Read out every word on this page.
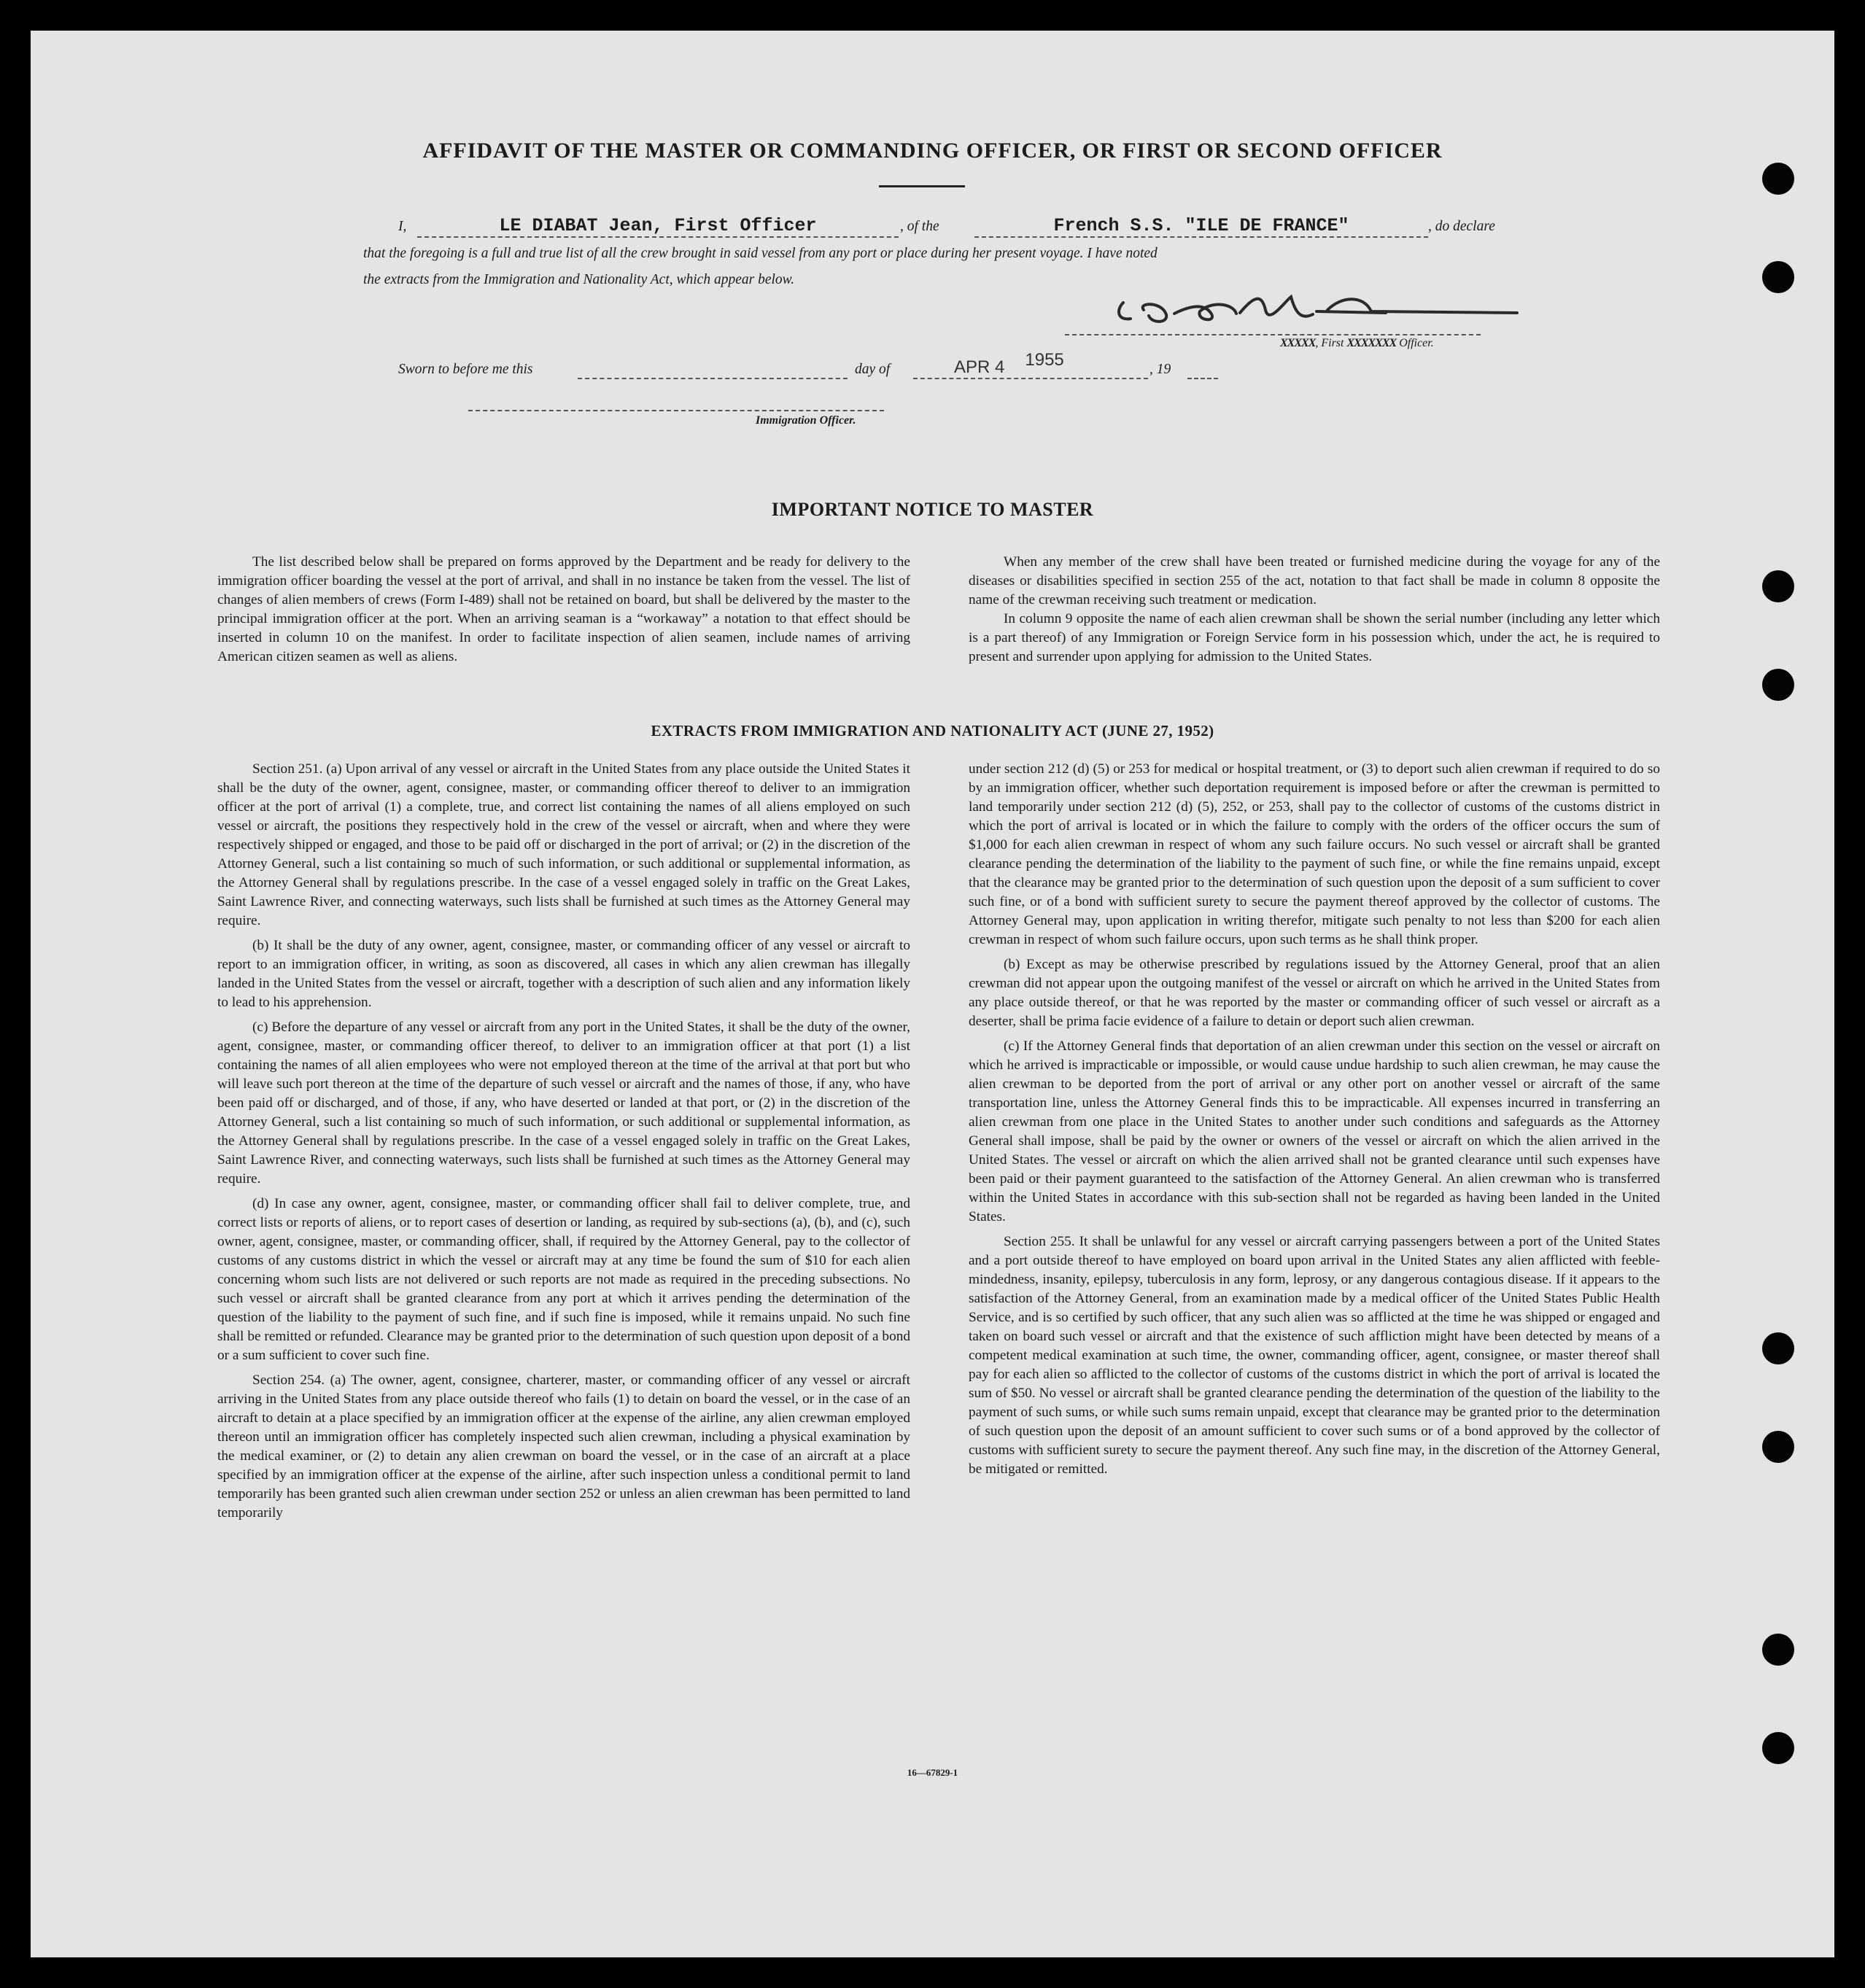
AFFIDAVIT OF THE MASTER OR COMMANDING OFFICER, OR FIRST OR SECOND OFFICER
I,	LE DIABAT Jean, First Officer	, of the	French S.S. "ILE DE FRANCE"	, do declare
that the foregoing is a full and true list of all the crew brought in said vessel from any port or place during her present voyage. I have noted
the extracts from the Immigration and Nationality Act, which appear below.
XXXXX, First XXXXXXX Officer.
Sworn to before me this	day of	APR 4 1955	, 19
Immigration Officer.
IMPORTANT NOTICE TO MASTER

The list described below shall be prepared on forms approved by the Department and be ready for delivery to the immigration officer boarding the vessel at the port of arrival, and shall in no instance be taken from the vessel. The list of changes of alien members of crews (Form I-489) shall not be retained on board, but shall be delivered by the master to the principal immigration officer at the port. When an arriving seaman is a “workaway” a notation to that effect should be inserted in column 10 on the manifest. In order to facilitate inspection of alien seamen, include names of arriving American citizen seamen as well as aliens.

When any member of the crew shall have been treated or furnished medicine during the voyage for any of the diseases or disabilities specified in section 255 of the act, notation to that fact shall be made in column 8 opposite the name of the crewman receiving such treatment or medication.

In column 9 opposite the name of each alien crewman shall be shown the serial number (including any letter which is a part thereof) of any Immigration or Foreign Service form in his possession which, under the act, he is required to present and surrender upon applying for admission to the United States.

EXTRACTS FROM IMMIGRATION AND NATIONALITY ACT (JUNE 27, 1952)

Section 251. (a) Upon arrival of any vessel or aircraft in the United States from any place outside the United States it shall be the duty of the owner, agent, consignee, master, or commanding officer thereof to deliver to an immigration officer at the port of arrival (1) a complete, true, and correct list containing the names of all aliens employed on such vessel or aircraft, the positions they respectively hold in the crew of the vessel or aircraft, when and where they were respectively shipped or engaged, and those to be paid off or discharged in the port of arrival; or (2) in the discretion of the Attorney General, such a list containing so much of such information, or such additional or supplemental information, as the Attorney General shall by regulations prescribe. In the case of a vessel engaged solely in traffic on the Great Lakes, Saint Lawrence River, and connecting waterways, such lists shall be furnished at such times as the Attorney General may require.

(b) It shall be the duty of any owner, agent, consignee, master, or commanding officer of any vessel or aircraft to report to an immigration officer, in writing, as soon as discovered, all cases in which any alien crewman has illegally landed in the United States from the vessel or aircraft, together with a description of such alien and any information likely to lead to his apprehension.

(c) Before the departure of any vessel or aircraft from any port in the United States, it shall be the duty of the owner, agent, consignee, master, or commanding officer thereof, to deliver to an immigration officer at that port (1) a list containing the names of all alien employees who were not employed thereon at the time of the arrival at that port but who will leave such port thereon at the time of the departure of such vessel or aircraft and the names of those, if any, who have been paid off or discharged, and of those, if any, who have deserted or landed at that port, or (2) in the discretion of the Attorney General, such a list containing so much of such information, or such additional or supplemental information, as the Attorney General shall by regulations prescribe. In the case of a vessel engaged solely in traffic on the Great Lakes, Saint Lawrence River, and connecting waterways, such lists shall be furnished at such times as the Attorney General may require.

(d) In case any owner, agent, consignee, master, or commanding officer shall fail to deliver complete, true, and correct lists or reports of aliens, or to report cases of desertion or landing, as required by sub-sections (a), (b), and (c), such owner, agent, consignee, master, or commanding officer, shall, if required by the Attorney General, pay to the collector of customs of any customs district in which the vessel or aircraft may at any time be found the sum of $10 for each alien concerning whom such lists are not delivered or such reports are not made as required in the preceding subsections. No such vessel or aircraft shall be granted clearance from any port at which it arrives pending the determination of the question of the liability to the payment of such fine, and if such fine is imposed, while it remains unpaid. No such fine shall be remitted or refunded. Clearance may be granted prior to the determination of such question upon deposit of a bond or a sum sufficient to cover such fine.

Section 254. (a) The owner, agent, consignee, charterer, master, or commanding officer of any vessel or aircraft arriving in the United States from any place outside thereof who fails (1) to detain on board the vessel, or in the case of an aircraft to detain at a place specified by an immigration officer at the expense of the airline, any alien crewman employed thereon until an immigration officer has completely inspected such alien crewman, including a physical examination by the medical examiner, or (2) to detain any alien crewman on board the vessel, or in the case of an aircraft at a place specified by an immigration officer at the expense of the airline, after such inspection unless a conditional permit to land temporarily has been granted such alien crewman under section 252 or unless an alien crewman has been permitted to land temporarily

under section 212 (d) (5) or 253 for medical or hospital treatment, or (3) to deport such alien crewman if required to do so by an immigration officer, whether such deportation requirement is imposed before or after the crewman is permitted to land temporarily under section 212 (d) (5), 252, or 253, shall pay to the collector of customs of the customs district in which the port of arrival is located or in which the failure to comply with the orders of the officer occurs the sum of $1,000 for each alien crewman in respect of whom any such failure occurs. No such vessel or aircraft shall be granted clearance pending the determination of the liability to the payment of such fine, or while the fine remains unpaid, except that the clearance may be granted prior to the determination of such question upon the deposit of a sum sufficient to cover such fine, or of a bond with sufficient surety to secure the payment thereof approved by the collector of customs. The Attorney General may, upon application in writing therefor, mitigate such penalty to not less than $200 for each alien crewman in respect of whom such failure occurs, upon such terms as he shall think proper.

(b) Except as may be otherwise prescribed by regulations issued by the Attorney General, proof that an alien crewman did not appear upon the outgoing manifest of the vessel or aircraft on which he arrived in the United States from any place outside thereof, or that he was reported by the master or commanding officer of such vessel or aircraft as a deserter, shall be prima facie evidence of a failure to detain or deport such alien crewman.

(c) If the Attorney General finds that deportation of an alien crewman under this section on the vessel or aircraft on which he arrived is impracticable or impossible, or would cause undue hardship to such alien crewman, he may cause the alien crewman to be deported from the port of arrival or any other port on another vessel or aircraft of the same transportation line, unless the Attorney General finds this to be impracticable. All expenses incurred in transferring an alien crewman from one place in the United States to another under such conditions and safeguards as the Attorney General shall impose, shall be paid by the owner or owners of the vessel or aircraft on which the alien arrived in the United States. The vessel or aircraft on which the alien arrived shall not be granted clearance until such expenses have been paid or their payment guaranteed to the satisfaction of the Attorney General. An alien crewman who is transferred within the United States in accordance with this sub-section shall not be regarded as having been landed in the United States.

Section 255. It shall be unlawful for any vessel or aircraft carrying passengers between a port of the United States and a port outside thereof to have employed on board upon arrival in the United States any alien afflicted with feeble-mindedness, insanity, epilepsy, tuberculosis in any form, leprosy, or any dangerous contagious disease. If it appears to the satisfaction of the Attorney General, from an examination made by a medical officer of the United States Public Health Service, and is so certified by such officer, that any such alien was so afflicted at the time he was shipped or engaged and taken on board such vessel or aircraft and that the existence of such affliction might have been detected by means of a competent medical examination at such time, the owner, commanding officer, agent, consignee, or master thereof shall pay for each alien so afflicted to the collector of customs of the customs district in which the port of arrival is located the sum of $50. No vessel or aircraft shall be granted clearance pending the determination of the question of the liability to the payment of such sums, or while such sums remain unpaid, except that clearance may be granted prior to the determination of such question upon the deposit of an amount sufficient to cover such sums or of a bond approved by the collector of customs with sufficient surety to secure the payment thereof. Any such fine may, in the discretion of the Attorney General, be mitigated or remitted.

16—67829-1
